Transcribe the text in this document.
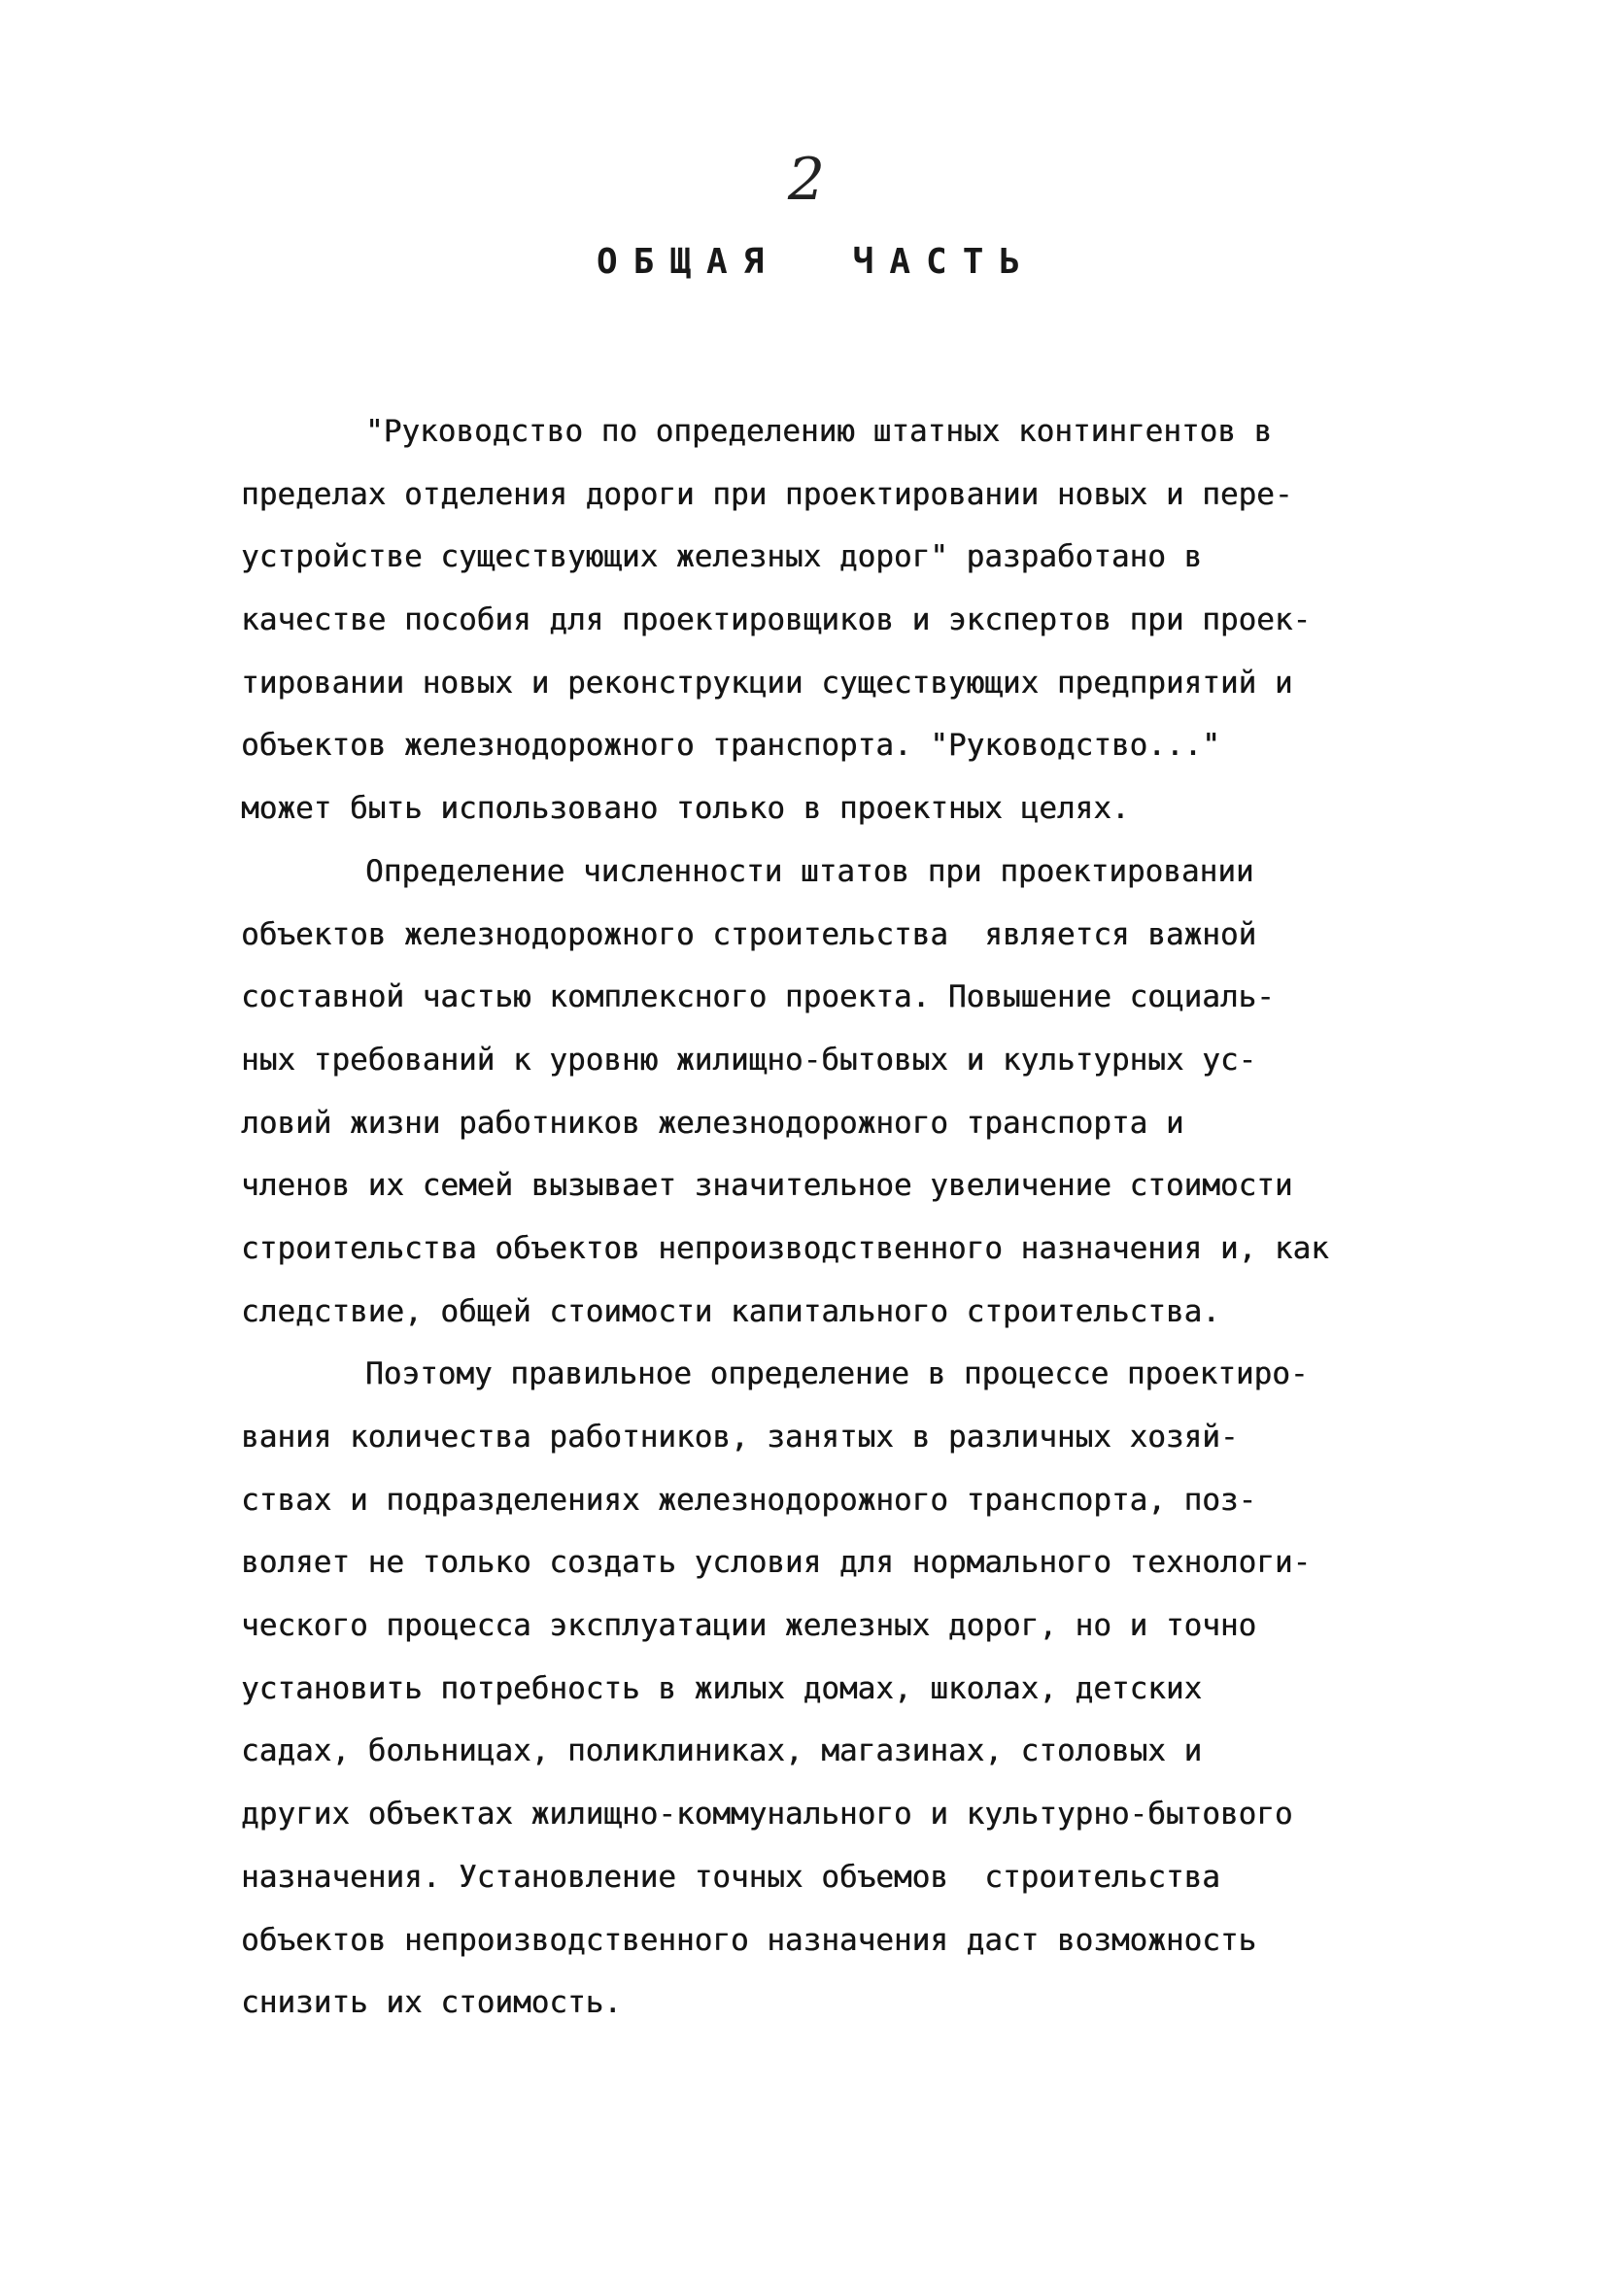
2
ОБЩАЯ  ЧАСТЬ

"Руководство по определению штатных контингентов в
пределах отделения дороги при проектировании новых и пере-
устройстве существующих железных дорог" разработано в
качестве пособия для проектировщиков и экспертов при проек-
тировании новых и реконструкции существующих предприятий и
объектов железнодорожного транспорта. "Руководство..."
может быть использовано только в проектных целях.

Определение численности штатов при проектировании
объектов железнодорожного строительства  является важной
составной частью комплексного проекта. Повышение социаль-
ных требований к уровню жилищно-бытовых и культурных ус-
ловий жизни работников железнодорожного транспорта и
членов их семей вызывает значительное увеличение стоимости
строительства объектов непроизводственного назначения и, как
следствие, общей стоимости капитального строительства.

Поэтому правильное определение в процессе проектиро-
вания количества работников, занятых в различных хозяй-
ствах и подразделениях железнодорожного транспорта, поз-
воляет не только создать условия для нормального технологи-
ческого процесса эксплуатации железных дорог, но и точно
установить потребность в жилых домах, школах, детских
садах, больницах, поликлиниках, магазинах, столовых и
других объектах жилищно-коммунального и культурно-бытового
назначения. Установление точных объемов  строительства
объектов непроизводственного назначения даст возможность
снизить их стоимость.
